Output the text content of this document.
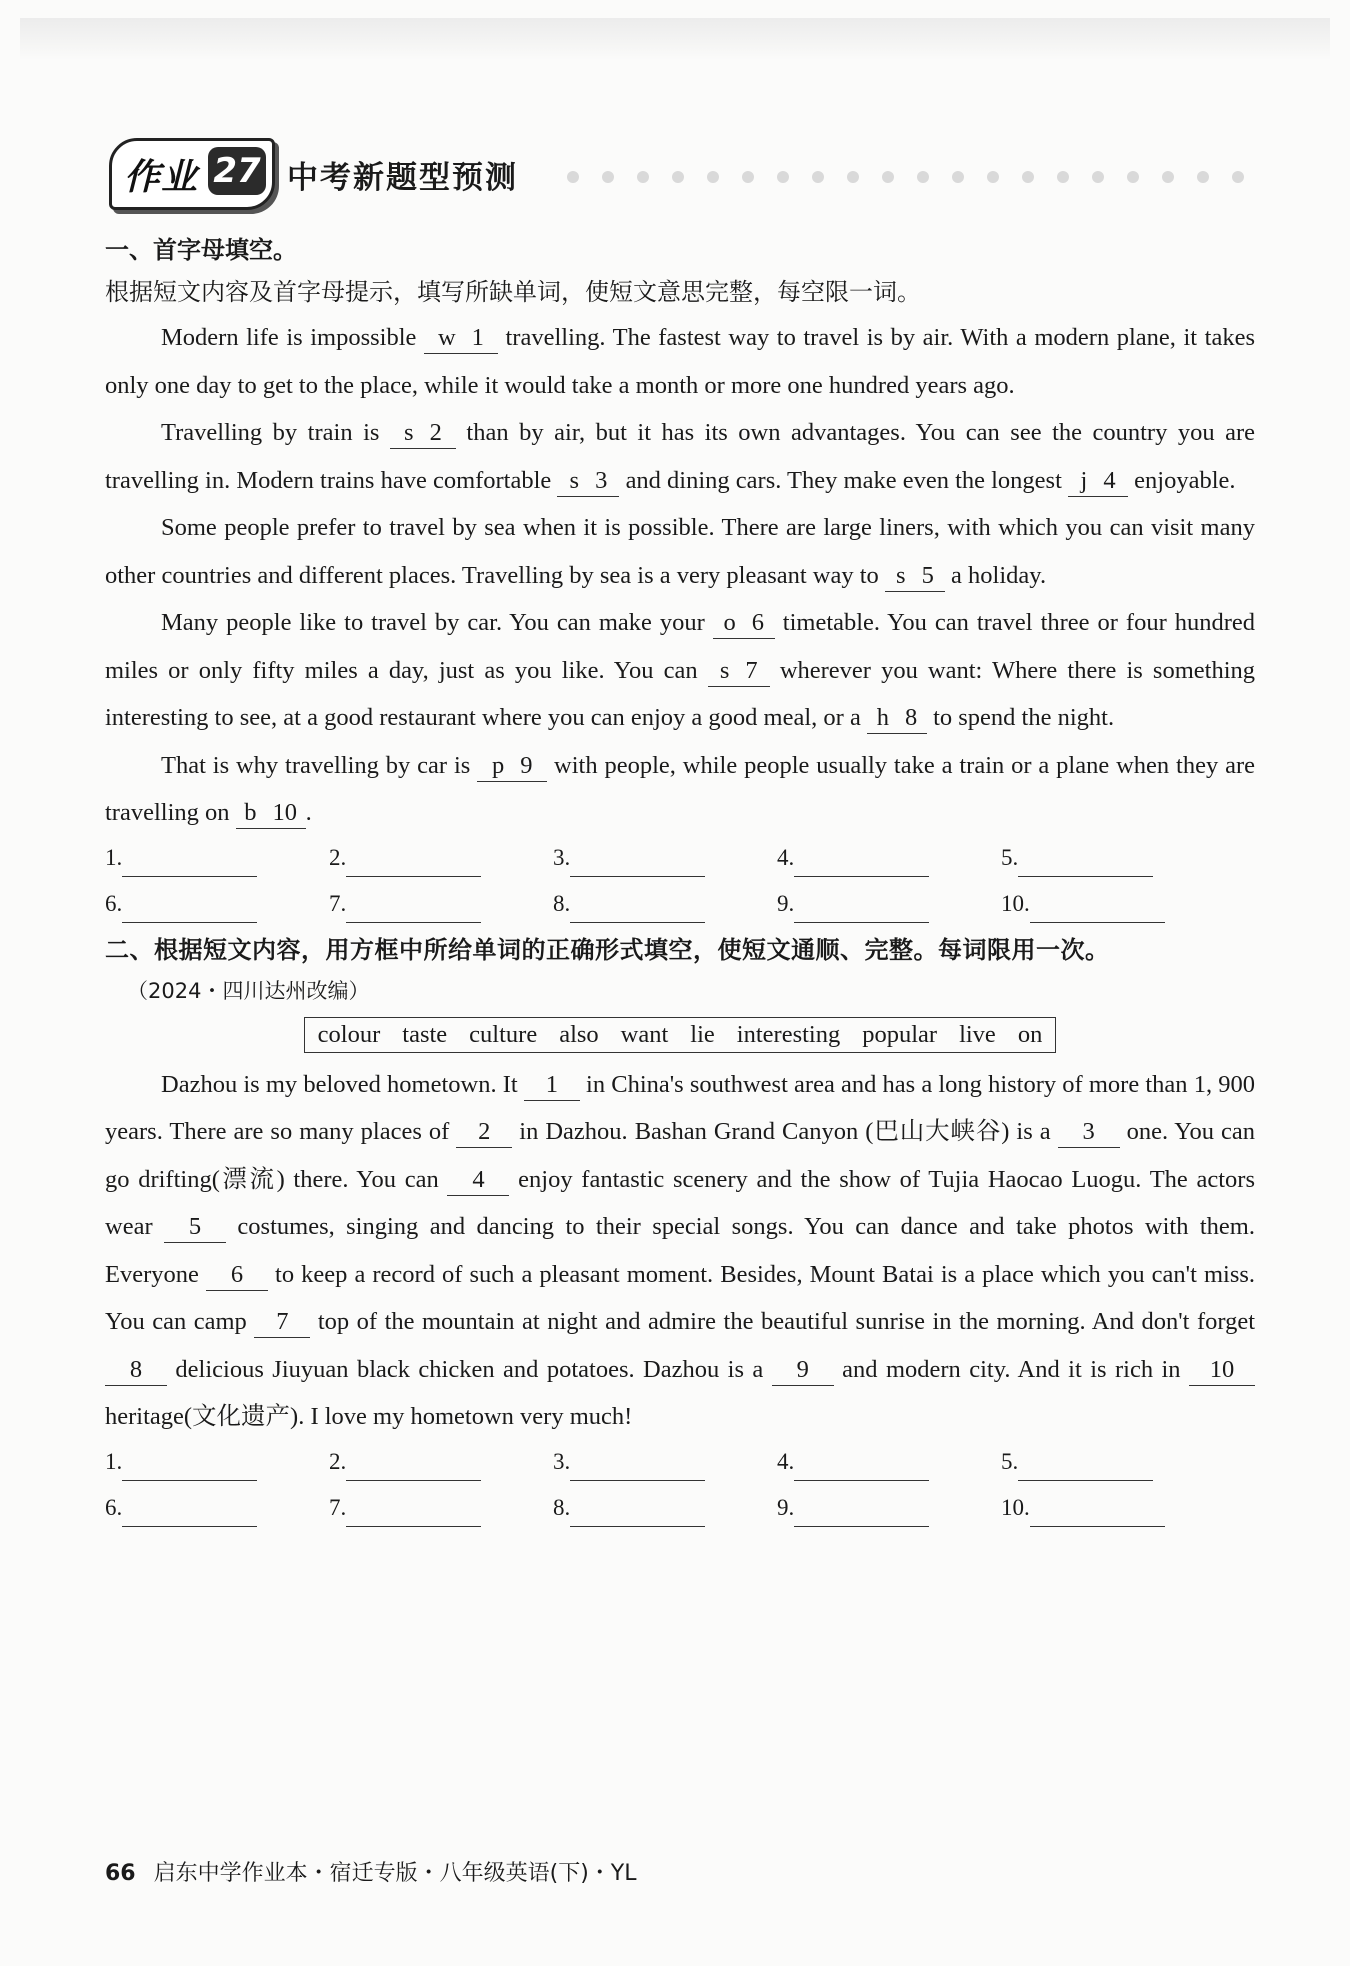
作业 27 中考新题型预测
一、首字母填空。
根据短文内容及首字母提示，填写所缺单词，使短文意思完整，每空限一词。

Modern life is impossible w 1 travelling. The fastest way to travel is by air. With a modern plane, it takes only one day to get to the place, while it would take a month or more one hundred years ago.

Travelling by train is s 2 than by air, but it has its own advantages. You can see the country you are travelling in. Modern trains have comfortable s 3 and dining cars. They make even the longest j 4 enjoyable.

Some people prefer to travel by sea when it is possible. There are large liners, with which you can visit many other countries and different places. Travelling by sea is a very pleasant way to s 5 a holiday.

Many people like to travel by car. You can make your o 6 timetable. You can travel three or four hundred miles or only fifty miles a day, just as you like. You can s 7 wherever you want: Where there is something interesting to see, at a good restaurant where you can enjoy a good meal, or a h 8 to spend the night.

That is why travelling by car is p 9 with people, while people usually take a train or a plane when they are travelling on b 10 .

1.	2.	3.	4.	5.
6.	7.	8.	9.	10.
二、根据短文内容，用方框中所给单词的正确形式填空，使短文通顺、完整。每词限用一次。
（2024・四川达州改编）
colour taste culture also want lie interesting popular live on

Dazhou is my beloved hometown. It 1 in China's southwest area and has a long history of more than 1, 900 years. There are so many places of 2 in Dazhou. Bashan Grand Canyon (巴山大峡谷) is a 3 one. You can go drifting(漂流) there. You can 4 enjoy fantastic scenery and the show of Tujia Haocao Luogu. The actors wear 5 costumes, singing and dancing to their special songs. You can dance and take photos with them. Everyone 6 to keep a record of such a pleasant moment. Besides, Mount Batai is a place which you can't miss. You can camp 7 top of the mountain at night and admire the beautiful sunrise in the morning. And don't forget 8 delicious Jiuyuan black chicken and potatoes. Dazhou is a 9 and modern city. And it is rich in 10 heritage(文化遗产). I love my hometown very much!

1.	2.	3.	4.	5.
6.	7.	8.	9.	10.
66 启东中学作业本・宿迁专版・八年级英语(下)・YL
